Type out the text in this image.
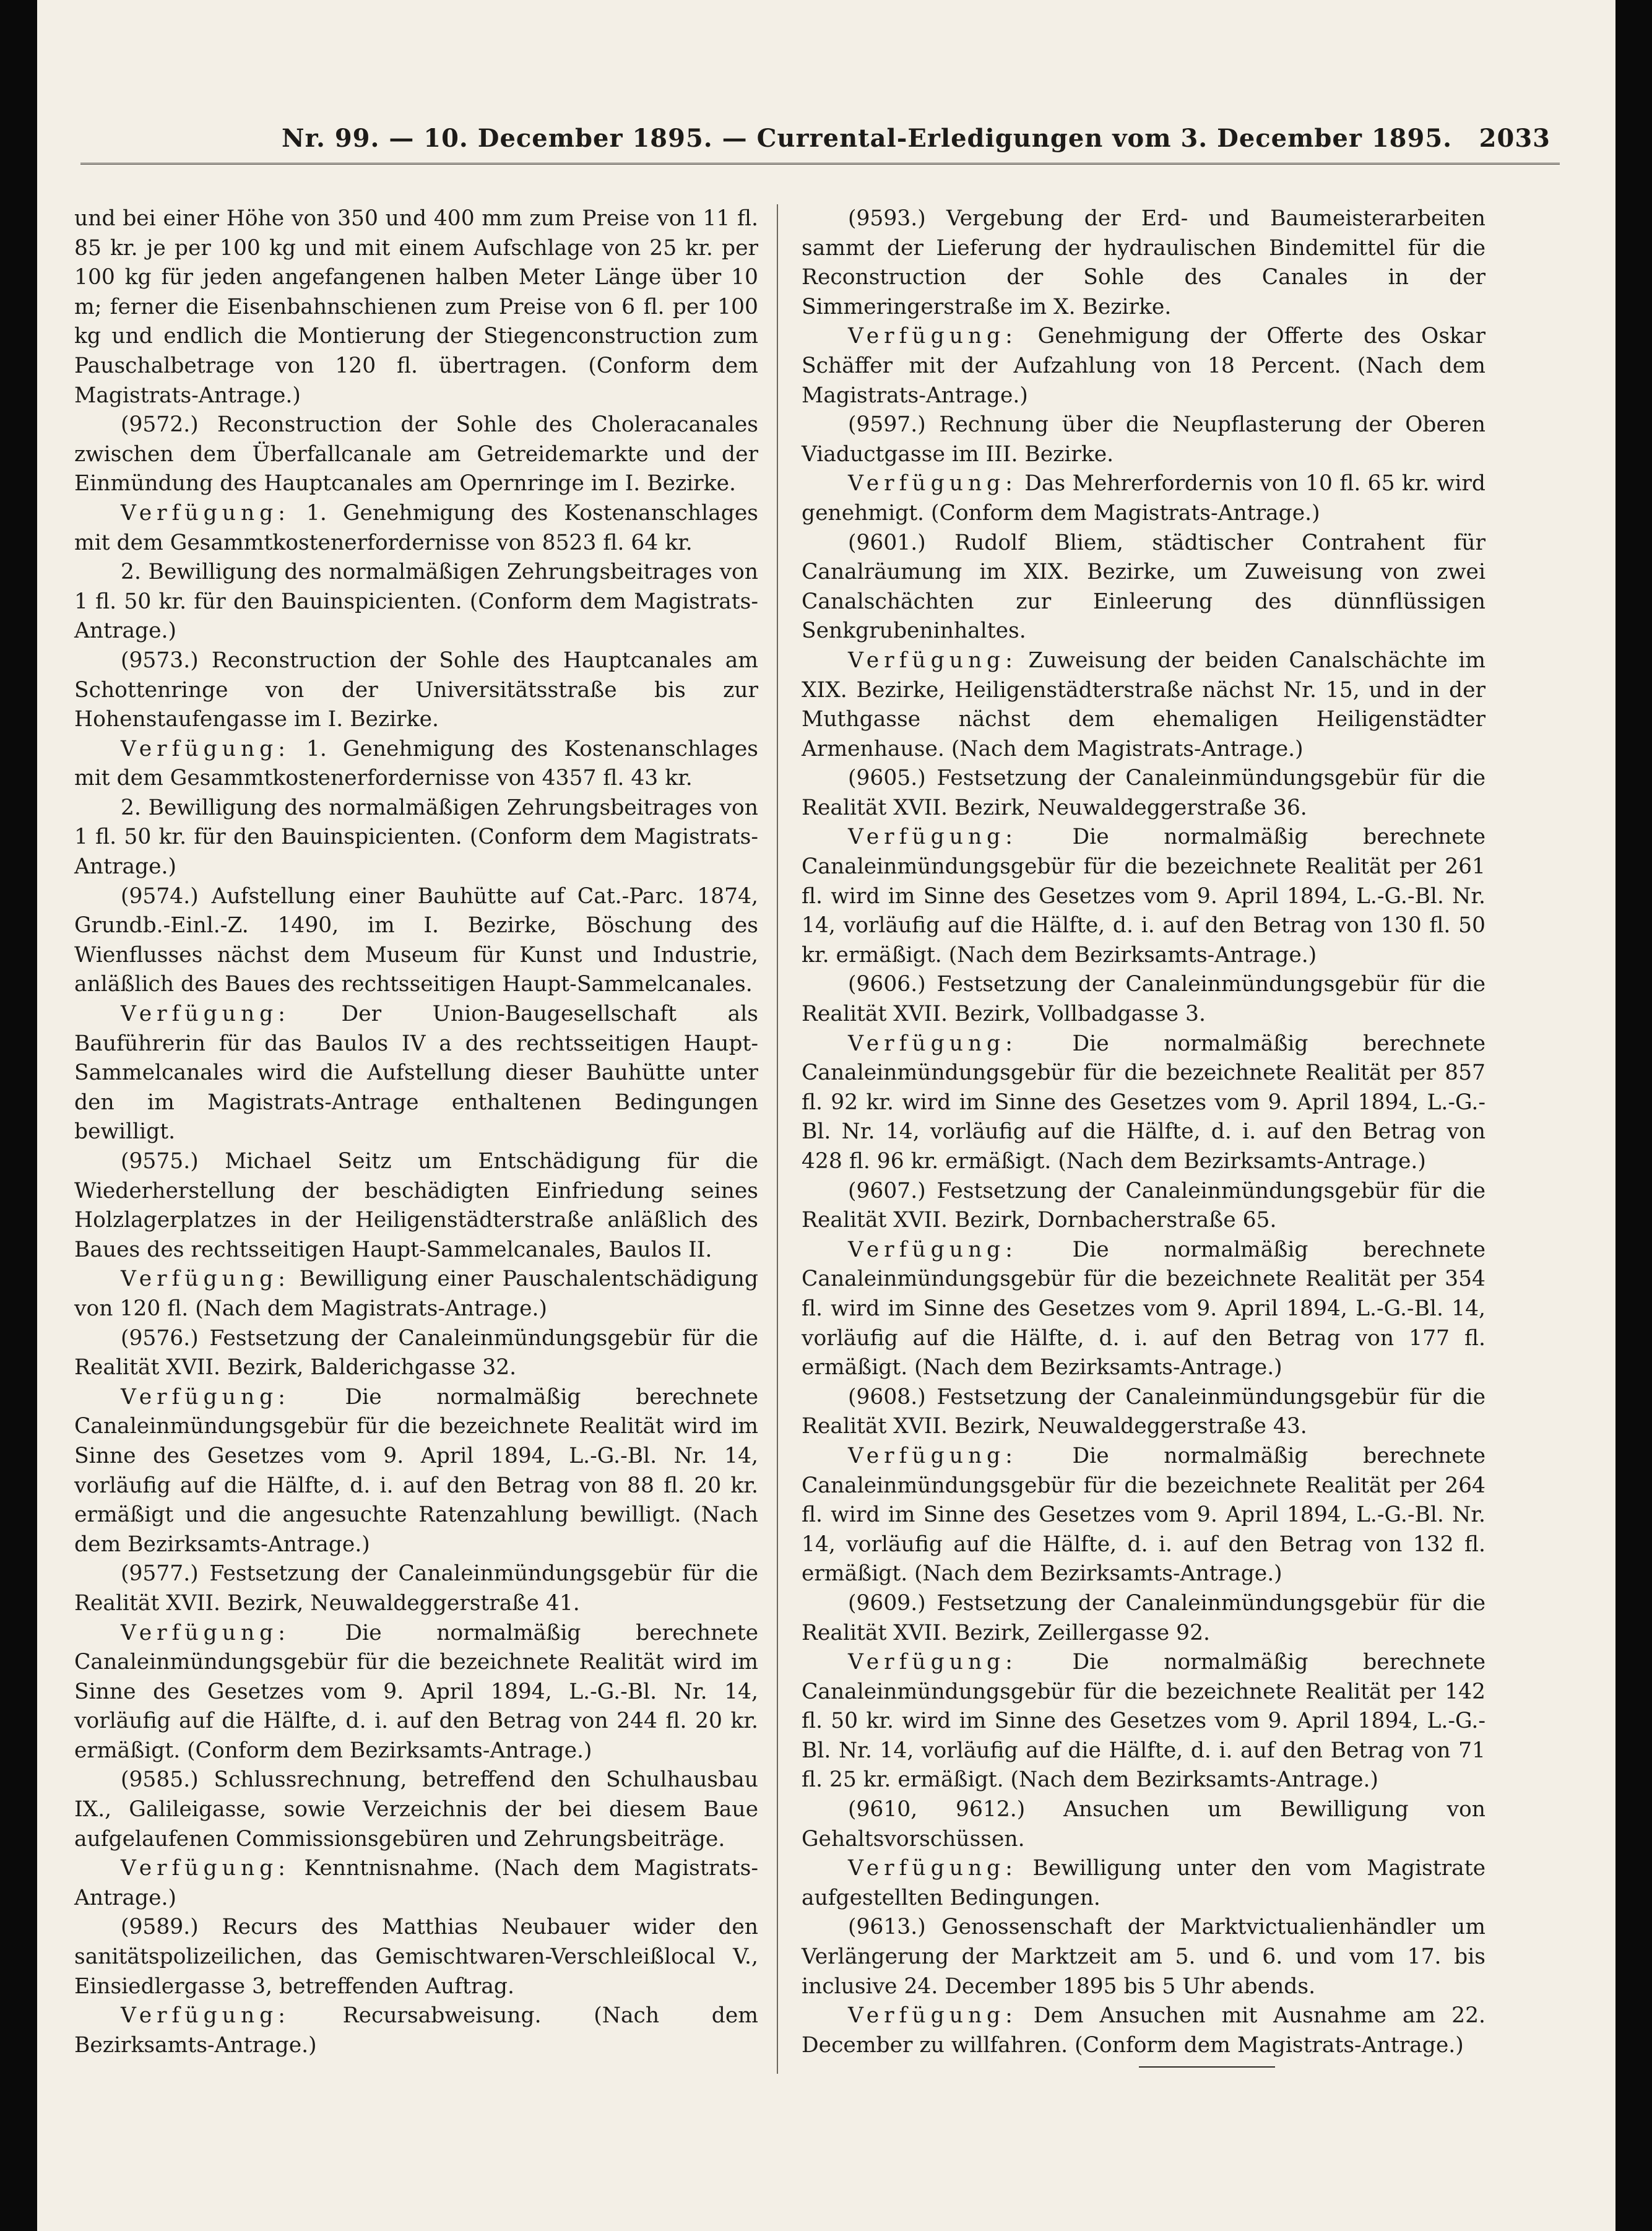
Nr. 99. — 10. December 1895. — Currental-Erledigungen vom 3. December 1895. 2033

und bei einer Höhe von 350 und 400 mm zum Preise von 11 fl. 85 kr. je per 100 kg und mit einem Aufschlage von 25 kr. per 100 kg für jeden angefangenen halben Meter Länge über 10 m; ferner die Eisenbahnschienen zum Preise von 6 fl. per 100 kg und endlich die Montierung der Stiegenconstruction zum Pauschalbetrage von 120 fl. übertragen. (Conform dem Magistrats-Antrage.)

(9572.) Reconstruction der Sohle des Choleracanales zwischen dem Überfallcanale am Getreidemarkte und der Einmündung des Hauptcanales am Opernringe im I. Bezirke.

Verfügung: 1. Genehmigung des Kostenanschlages mit dem Gesammtkostenerfordernisse von 8523 fl. 64 kr.

2. Bewilligung des normalmäßigen Zehrungsbeitrages von 1 fl. 50 kr. für den Bauinspicienten. (Conform dem Magistrats-Antrage.)

(9573.) Reconstruction der Sohle des Hauptcanales am Schottenringe von der Universitätsstraße bis zur Hohenstaufengasse im I. Bezirke.

Verfügung: 1. Genehmigung des Kostenanschlages mit dem Gesammtkostenerfordernisse von 4357 fl. 43 kr.

2. Bewilligung des normalmäßigen Zehrungsbeitrages von 1 fl. 50 kr. für den Bauinspicienten. (Conform dem Magistrats-Antrage.)

(9574.) Aufstellung einer Bauhütte auf Cat.-Parc. 1874, Grundb.-Einl.-Z. 1490, im I. Bezirke, Böschung des Wienflusses nächst dem Museum für Kunst und Industrie, anläßlich des Baues des rechtsseitigen Haupt-Sammelcanales.

Verfügung: Der Union-Baugesellschaft als Bauführerin für das Baulos IV a des rechtsseitigen Haupt-Sammelcanales wird die Aufstellung dieser Bauhütte unter den im Magistrats-Antrage enthaltenen Bedingungen bewilligt.

(9575.) Michael Seitz um Entschädigung für die Wiederherstellung der beschädigten Einfriedung seines Holzlagerplatzes in der Heiligenstädterstraße anläßlich des Baues des rechtsseitigen Haupt-Sammelcanales, Baulos II.

Verfügung: Bewilligung einer Pauschalentschädigung von 120 fl. (Nach dem Magistrats-Antrage.)

(9576.) Festsetzung der Canaleinmündungsgebür für die Realität XVII. Bezirk, Balderichgasse 32.

Verfügung: Die normalmäßig berechnete Canaleinmündungsgebür für die bezeichnete Realität wird im Sinne des Gesetzes vom 9. April 1894, L.-G.-Bl. Nr. 14, vorläufig auf die Hälfte, d. i. auf den Betrag von 88 fl. 20 kr. ermäßigt und die angesuchte Ratenzahlung bewilligt. (Nach dem Bezirksamts-Antrage.)

(9577.) Festsetzung der Canaleinmündungsgebür für die Realität XVII. Bezirk, Neuwaldeggerstraße 41.

Verfügung: Die normalmäßig berechnete Canaleinmündungsgebür für die bezeichnete Realität wird im Sinne des Gesetzes vom 9. April 1894, L.-G.-Bl. Nr. 14, vorläufig auf die Hälfte, d. i. auf den Betrag von 244 fl. 20 kr. ermäßigt. (Conform dem Bezirksamts-Antrage.)

(9585.) Schlussrechnung, betreffend den Schulhausbau IX., Galileigasse, sowie Verzeichnis der bei diesem Baue aufgelaufenen Commissionsgebüren und Zehrungsbeiträge.

Verfügung: Kenntnisnahme. (Nach dem Magistrats-Antrage.)

(9589.) Recurs des Matthias Neubauer wider den sanitätspolizeilichen, das Gemischtwaren-Verschleißlocal V., Einsiedlergasse 3, betreffenden Auftrag.

Verfügung: Recursabweisung. (Nach dem Bezirksamts-Antrage.)

(9593.) Vergebung der Erd- und Baumeisterarbeiten sammt der Lieferung der hydraulischen Bindemittel für die Reconstruction der Sohle des Canales in der Simmeringerstraße im X. Bezirke.

Verfügung: Genehmigung der Offerte des Oskar Schäffer mit der Aufzahlung von 18 Percent. (Nach dem Magistrats-Antrage.)

(9597.) Rechnung über die Neupflasterung der Oberen Viaductgasse im III. Bezirke.

Verfügung: Das Mehrerfordernis von 10 fl. 65 kr. wird genehmigt. (Conform dem Magistrats-Antrage.)

(9601.) Rudolf Bliem, städtischer Contrahent für Canalräumung im XIX. Bezirke, um Zuweisung von zwei Canalschächten zur Einleerung des dünnflüssigen Senkgrubeninhaltes.

Verfügung: Zuweisung der beiden Canalschächte im XIX. Bezirke, Heiligenstädterstraße nächst Nr. 15, und in der Muthgasse nächst dem ehemaligen Heiligenstädter Armenhause. (Nach dem Magistrats-Antrage.)

(9605.) Festsetzung der Canaleinmündungsgebür für die Realität XVII. Bezirk, Neuwaldeggerstraße 36.

Verfügung: Die normalmäßig berechnete Canaleinmündungsgebür für die bezeichnete Realität per 261 fl. wird im Sinne des Gesetzes vom 9. April 1894, L.-G.-Bl. Nr. 14, vorläufig auf die Hälfte, d. i. auf den Betrag von 130 fl. 50 kr. ermäßigt. (Nach dem Bezirksamts-Antrage.)

(9606.) Festsetzung der Canaleinmündungsgebür für die Realität XVII. Bezirk, Vollbadgasse 3.

Verfügung: Die normalmäßig berechnete Canaleinmündungsgebür für die bezeichnete Realität per 857 fl. 92 kr. wird im Sinne des Gesetzes vom 9. April 1894, L.-G.-Bl. Nr. 14, vorläufig auf die Hälfte, d. i. auf den Betrag von 428 fl. 96 kr. ermäßigt. (Nach dem Bezirksamts-Antrage.)

(9607.) Festsetzung der Canaleinmündungsgebür für die Realität XVII. Bezirk, Dornbacherstraße 65.

Verfügung: Die normalmäßig berechnete Canaleinmündungsgebür für die bezeichnete Realität per 354 fl. wird im Sinne des Gesetzes vom 9. April 1894, L.-G.-Bl. 14, vorläufig auf die Hälfte, d. i. auf den Betrag von 177 fl. ermäßigt. (Nach dem Bezirksamts-Antrage.)

(9608.) Festsetzung der Canaleinmündungsgebür für die Realität XVII. Bezirk, Neuwaldeggerstraße 43.

Verfügung: Die normalmäßig berechnete Canaleinmündungsgebür für die bezeichnete Realität per 264 fl. wird im Sinne des Gesetzes vom 9. April 1894, L.-G.-Bl. Nr. 14, vorläufig auf die Hälfte, d. i. auf den Betrag von 132 fl. ermäßigt. (Nach dem Bezirksamts-Antrage.)

(9609.) Festsetzung der Canaleinmündungsgebür für die Realität XVII. Bezirk, Zeillergasse 92.

Verfügung: Die normalmäßig berechnete Canaleinmündungsgebür für die bezeichnete Realität per 142 fl. 50 kr. wird im Sinne des Gesetzes vom 9. April 1894, L.-G.-Bl. Nr. 14, vorläufig auf die Hälfte, d. i. auf den Betrag von 71 fl. 25 kr. ermäßigt. (Nach dem Bezirksamts-Antrage.)

(9610, 9612.) Ansuchen um Bewilligung von Gehaltsvorschüssen.

Verfügung: Bewilligung unter den vom Magistrate aufgestellten Bedingungen.

(9613.) Genossenschaft der Marktvictualienhändler um Verlängerung der Marktzeit am 5. und 6. und vom 17. bis inclusive 24. December 1895 bis 5 Uhr abends.

Verfügung: Dem Ansuchen mit Ausnahme am 22. December zu willfahren. (Conform dem Magistrats-Antrage.)
